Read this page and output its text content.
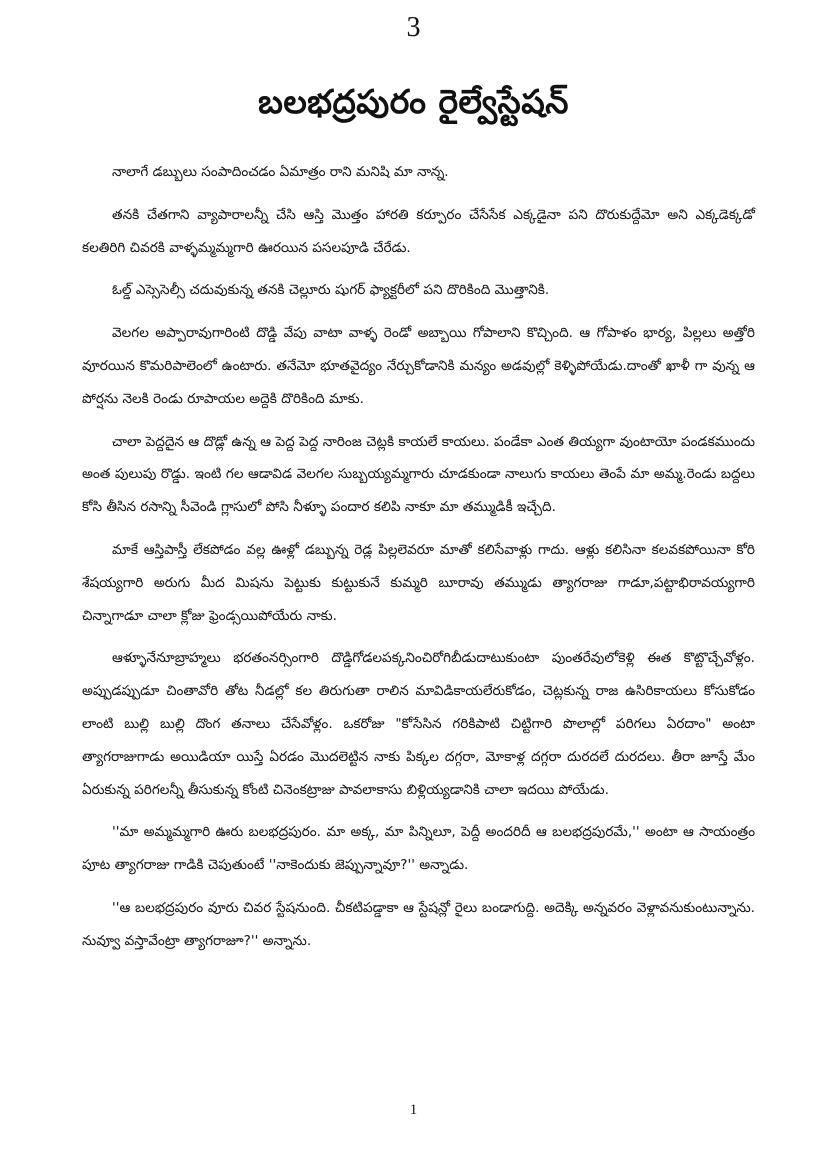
3
బలభద్రపురం రైల్వేస్టేషన్

నాలాగే డబ్బులు సంపాదించడం ఏమాత్రం రాని మనిషి మా నాన్న.

తనకి చేతగాని వ్యాపారాలన్నీ చేసి ఆస్తి మొత్తం హారతి కర్పూరం చేసేసేక ఎక్కడైనా పని దొరుకుద్దేమో అని ఎక్కడెక్కడో కలతిరిగి చివరకి వాళ్ళమ్మమ్మగారి ఊరయిన పసలపూడి చేరేడు.

ఓల్డ్ ఎస్సెసెల్సీ చదువుకున్న తనకి చెల్లూరు షుగర్ ఫ్యాక్టరీలో పని దొరికింది మొత్తానికి.

వెలగల అప్పారావుగారింటి దొడ్డి వేపు వాటా వాళ్ళ రెండో అబ్బాయి గోపాలాని కొచ్చింది. ఆ గోపాళం భార్య, పిల్లలు అత్తోరి వూరయిన కొమరిపాలెంలో ఉంటారు. తనేమో భూతవైద్యం నేర్చుకోడానికి మన్యం అడవుల్లో కెళ్ళిపోయేడు.దాంతో ఖాళీ గా వున్న ఆ పోర్షను నెలకి రెండు రూపాయల అద్దెకి దొరికింది మాకు.

చాలా పెద్దదైన ఆ దొడ్లో ఉన్న ఆ పెద్ద పెద్ద నారింజ చెట్లకి కాయలే కాయలు. పండేకా ఎంత తియ్యగా వుంటాయో పండకముందు అంత పులుపు రొడ్డు. ఇంటి గల ఆడావిడ వెలగల సుబ్బయ్యమ్మగారు చూడకుండా నాలుగు కాయలు తెంపే మా అమ్మ.రెండు బద్దలు కోసి తీసిన రసాన్ని సీవెండి గ్లాసులో పోసి నీళ్ళూ పందార కలిపి నాకూ మా తమ్ముడికీ ఇచ్చేది.

మాకే ఆస్తిపాస్తీ లేకపోడం వల్ల ఊళ్లో డబ్బున్న రెడ్ల పిల్లలెవరూ మాతో కలిసేవాళ్లు గాదు. ఆళ్లు కలిసినా కలవకపోయినా కోరి శేషయ్యగారి అరుగు మీద మిషను పెట్టుకు కుట్టుకునే కుమ్మరి బూరావు తమ్ముడు త్యాగరాజు గాడూ,పట్టాభిరావయ్యగారి చిన్నాగాడూ చాలా క్లోజు ఫ్రెండ్సయిపోయేరు నాకు.

ఆళ్ళూనేనూబ్రాహ్మలు భరతంనర్సింగారి దొడ్డిగోడలపక్కనించిరోగిబీడుదాటుకుంటా పుంతరేవులోకెళ్లి ఈత కొట్టొచ్చేవోళ్లం. అప్పుడప్పుడూ చింతావోరి తోట నీడల్లో కల తిరుగుతా రాలిన మావిడికాయలేరుకోడం, చెట్లకున్న రాజ ఉసిరికాయలు కోసుకోడం లాంటి బుల్లి బుల్లి దొంగ తనాలు చేసేవోళ్లం. ఒకరోజు "కోసేసిన గరికిపాటి చిట్టిగారి పొలాల్లో పరిగలు ఏరదాం" అంటా త్యాగరాజుగాడు అయిడియా యిస్తే ఏరడం మొదలెట్టిన నాకు పిక్కల దగ్గరా, మోకాళ్ల దగ్గరా దురదలే దురదలు. తీరా జూస్తే మేం ఏరుకున్న పరిగలన్నీ తీసుకున్న కోంటి చినెంకట్రాజు పావలాకాసు బిళ్లియ్యడానికి చాలా ఇదయి పోయేడు.

''మా అమ్మమ్మగారి ఊరు బలభద్రపురం. మా అక్క, మా పిన్నిలూ, పెద్దీ అందరిదీ ఆ బలభద్రపురమే,'' అంటా ఆ సాయంత్రం పూట త్యాగరాజు గాడికి చెపుతుంటే ''నాకెందుకు జెప్పున్నావూ?'' అన్నాడు.

''ఆ బలభద్రపురం వూరు చివర స్టేషనుంది. చీకటిపడ్డాకా ఆ స్టేషన్లో రైలు బండాగుద్ది. అదెక్కి అన్నవరం వెళ్లావనుకుంటున్నాను. నువ్వూ వస్తావేంట్రా త్యాగరాజూ?'' అన్నాను.

1
